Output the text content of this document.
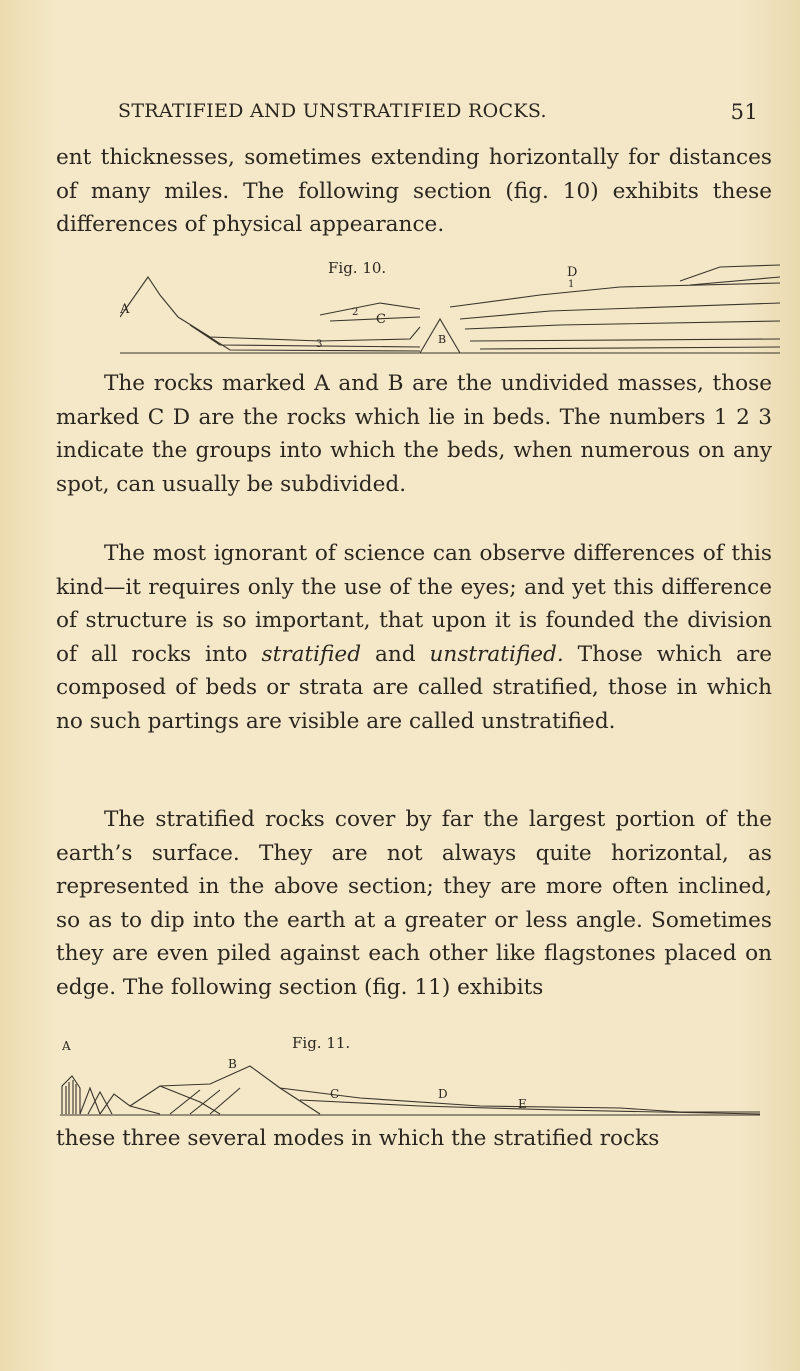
STRATIFIED AND UNSTRATIFIED ROCKS.	51

ent thicknesses, sometimes extending horizontally for distances of many miles. The following section (fig. 10) exhibits these differences of physical appearance.

Fig. 10.
A
C
B
D
1
2
3

The rocks marked A and B are the undivided masses, those marked C D are the rocks which lie in beds. The numbers 1 2 3 indicate the groups into which the beds, when numerous on any spot, can usually be subdivided.

The most ignorant of science can observe differences of this kind—it requires only the use of the eyes; and yet this difference of structure is so important, that upon it is founded the division of all rocks into stratified and unstratified. Those which are composed of beds or strata are called stratified, those in which no such partings are visible are called unstratified.

The stratified rocks cover by far the largest portion of the earth’s surface. They are not always quite horizontal, as represented in the above section; they are more often inclined, so as to dip into the earth at a greater or less angle. Sometimes they are even piled against each other like flagstones placed on edge. The following section (fig. 11) exhibits

Fig. 11.
A
B
C	D
E

these three several modes in which the stratified rocks
